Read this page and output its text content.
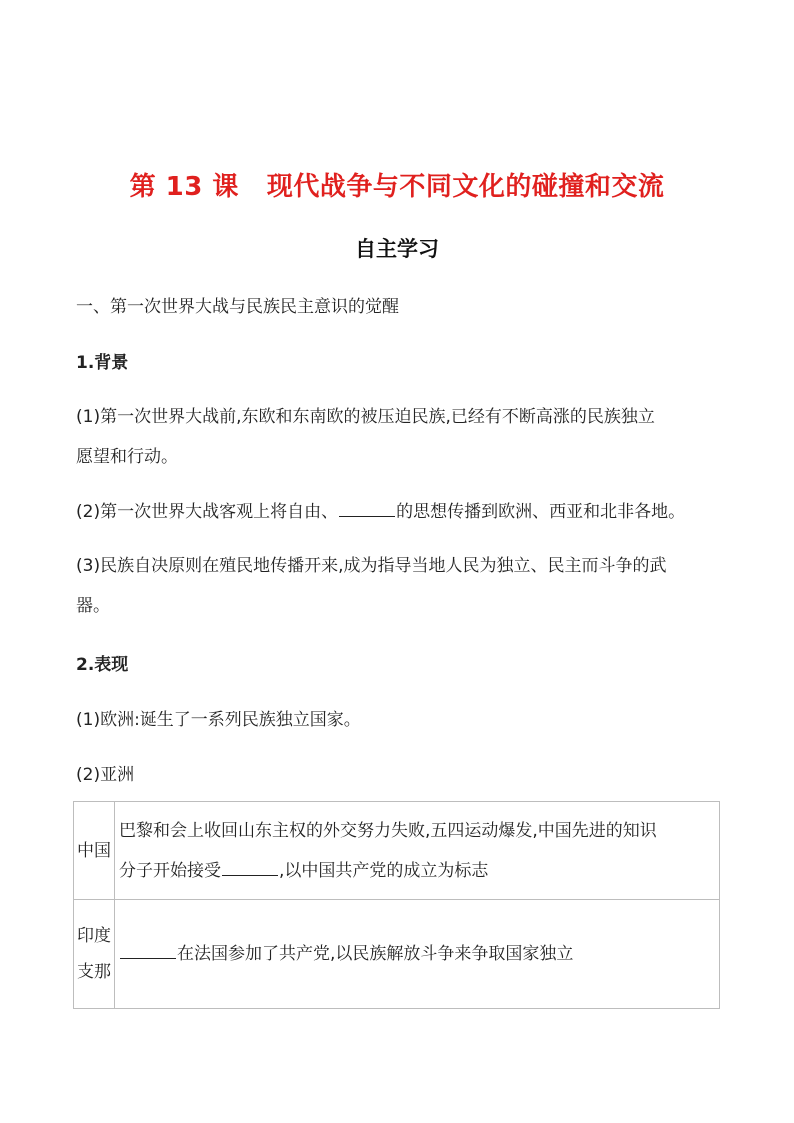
第 13 课 现代战争与不同文化的碰撞和交流
自主学习
一、第一次世界大战与民族民主意识的觉醒
1.背景
(1)第一次世界大战前,东欧和东南欧的被压迫民族,已经有不断高涨的民族独立
愿望和行动。
(2)第一次世界大战客观上将自由、	的思想传播到欧洲、西亚和北非各地。
(3)民族自决原则在殖民地传播开来,成为指导当地人民为独立、民主而斗争的武
器。
2.表现
(1)欧洲:诞生了一系列民族独立国家。
(2)亚洲
中国	巴黎和会上收回山东主权的外交努力失败,五四运动爆发,中国先进的知识
分子开始接受 ,以中国共产党的成立为标志

印度
支那	在法国参加了共产党,以民族解放斗争来争取国家独立
